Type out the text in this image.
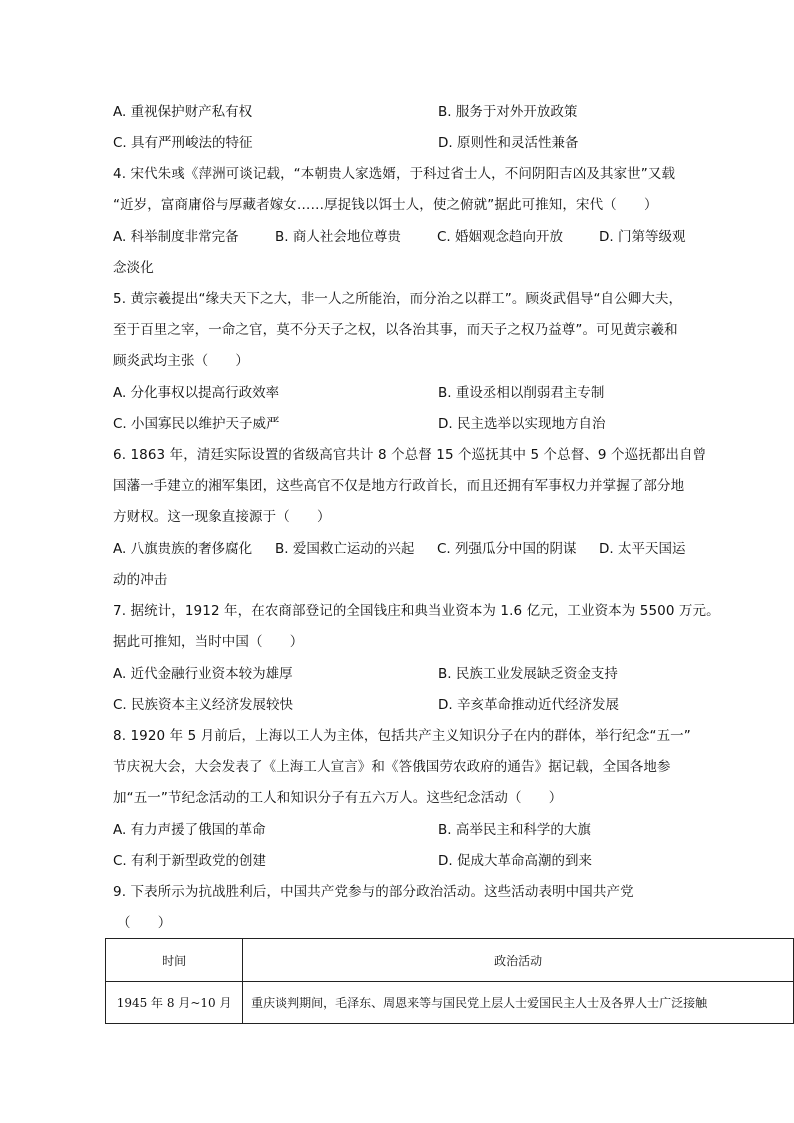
A. 重视保护财产私有权	B. 服务于对外开放政策
C. 具有严刑峻法的特征	D. 原则性和灵活性兼备
4. 宋代朱彧《萍洲可谈记载，“本朝贵人家选婿，于科过省士人，不问阴阳吉凶及其家世”又载
“近岁，富商庸俗与厚藏者嫁女……厚捉钱以饵士人，使之俯就”据此可推知，宋代（　　）
A. 科举制度非常完备	B. 商人社会地位尊贵	C. 婚姻观念趋向开放	D. 门第等级观
念淡化
5. 黄宗羲提出“缘夫天下之大，非一人之所能治，而分治之以群工”。顾炎武倡导“自公卿大夫，
至于百里之宰，一命之官，莫不分天子之权，以各治其事，而天子之权乃益尊”。可见黄宗羲和
顾炎武均主张（　　）
A. 分化事权以提高行政效率	B. 重设丞相以削弱君主专制
C. 小国寡民以维护天子威严	D. 民主选举以实现地方自治
6. 1863 年，清廷实际设置的省级高官共计 8 个总督 15 个巡抚其中 5 个总督、9 个巡抚都出自曾
国藩一手建立的湘军集团，这些高官不仅是地方行政首长，而且还拥有军事权力并掌握了部分地
方财权。这一现象直接源于（　　）
A. 八旗贵族的奢侈腐化 B. 爱国救亡运动的兴起 C. 列强瓜分中国的阴谋 D. 太平天国运
动的冲击
7. 据统计，1912 年，在农商部登记的全国钱庄和典当业资本为 1.6 亿元，工业资本为 5500 万元。
据此可推知，当时中国（　　）
A. 近代金融行业资本较为雄厚	B. 民族工业发展缺乏资金支持
C. 民族资本主义经济发展较快	D. 辛亥革命推动近代经济发展
8. 1920 年 5 月前后，上海以工人为主体，包括共产主义知识分子在内的群体，举行纪念“五一”
节庆祝大会，大会发表了《上海工人宣言》和《答俄国劳农政府的通告》据记载，全国各地参
加“五一”节纪念活动的工人和知识分子有五六万人。这些纪念活动（　　）
A. 有力声援了俄国的革命	B. 高举民主和科学的大旗
C. 有利于新型政党的创建	D. 促成大革命高潮的到来
9. 下表所示为抗战胜利后，中国共产党参与的部分政治活动。这些活动表明中国共产党
（　　）
时间	政治活动
1945 年 8 月~10 月	重庆谈判期间，毛泽东、周恩来等与国民党上层人士爱国民主人士及各界人士广泛接触
